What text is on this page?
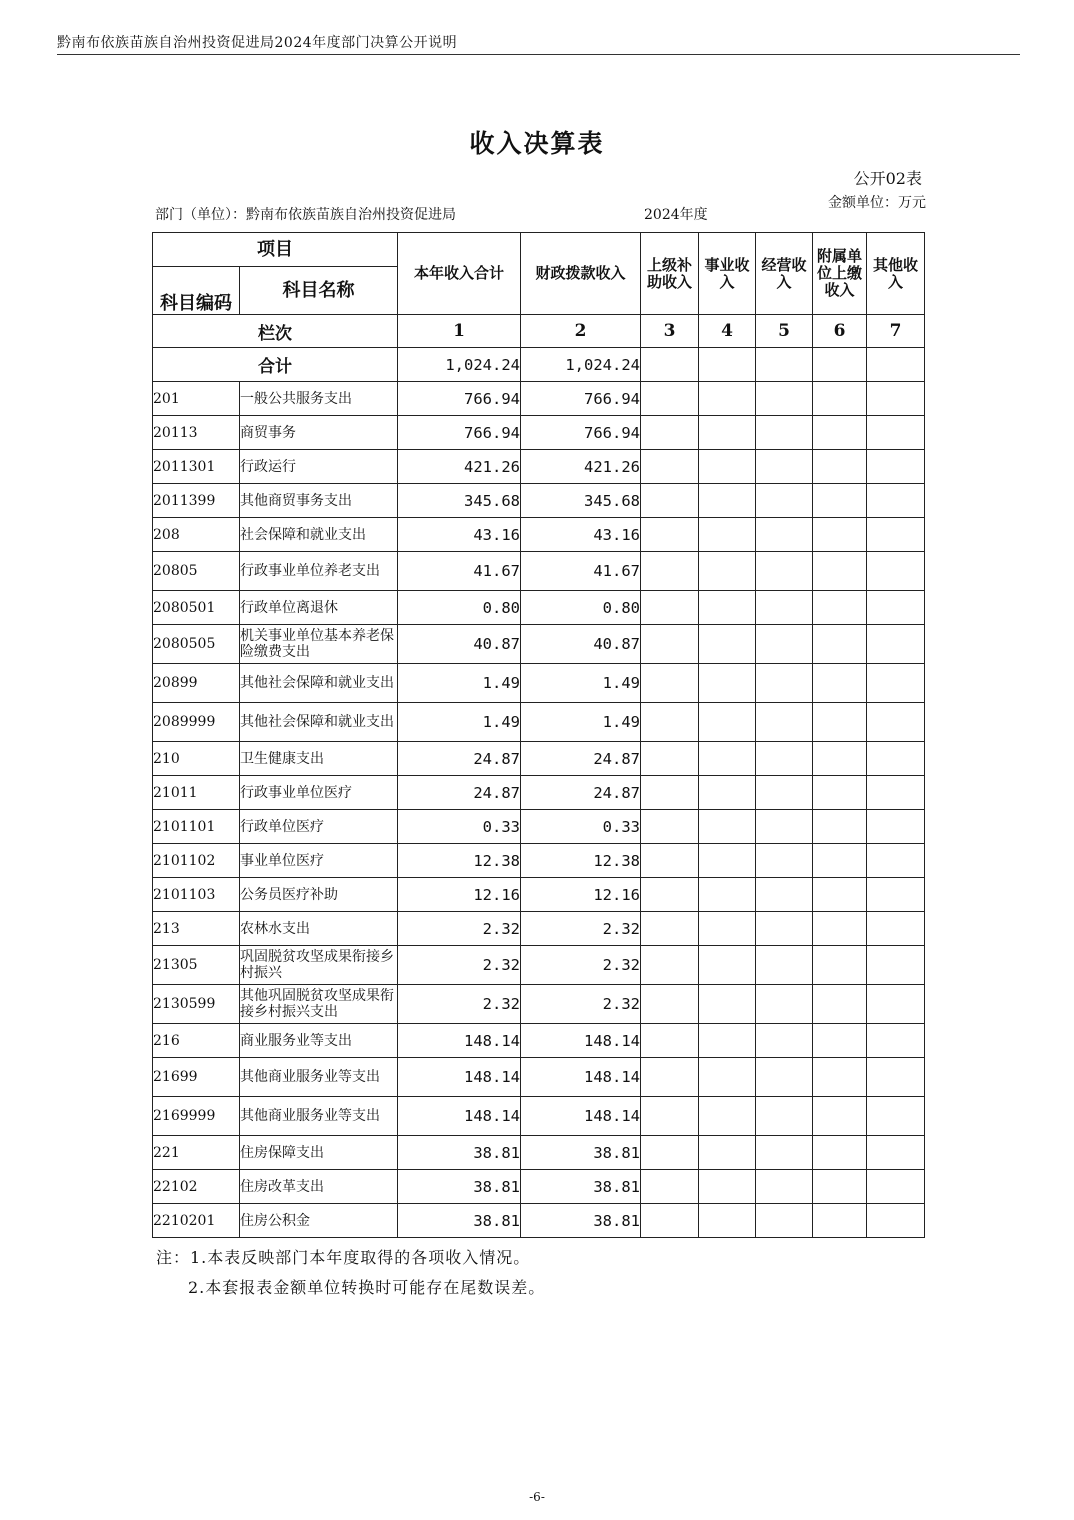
黔南布依族苗族自治州投资促进局2024年度部门决算公开说明
收入决算表
公开02表
金额单位：万元
部门（单位）：黔南布依族苗族自治州投资促进局	2024年度
项目		本年收入合计	财政拨款收入	上级补助收入	事业收入	经营收入	附属单位上缴收入	其他收入
科目编码	科目名称							
栏次		1	2	3	4	5	6	7
合计		1,024.24	1,024.24					
201	一般公共服务支出	766.94	766.94					
20113	商贸事务	766.94	766.94					
2011301	行政运行	421.26	421.26					
2011399	其他商贸事务支出	345.68	345.68					
208	社会保障和就业支出	43.16	43.16					
20805	行政事业单位养老支出	41.67	41.67					
2080501	行政单位离退休	0.80	0.80					
2080505	机关事业单位基本养老保险缴费支出	40.87	40.87					
20899	其他社会保障和就业支出	1.49	1.49					
2089999	其他社会保障和就业支出	1.49	1.49					
210	卫生健康支出	24.87	24.87					
21011	行政事业单位医疗	24.87	24.87					
2101101	行政单位医疗	0.33	0.33					
2101102	事业单位医疗	12.38	12.38					
2101103	公务员医疗补助	12.16	12.16					
213	农林水支出	2.32	2.32					
21305	巩固脱贫攻坚成果衔接乡村振兴	2.32	2.32					
2130599	其他巩固脱贫攻坚成果衔接乡村振兴支出	2.32	2.32					
216	商业服务业等支出	148.14	148.14					
21699	其他商业服务业等支出	148.14	148.14					
2169999	其他商业服务业等支出	148.14	148.14					
221	住房保障支出	38.81	38.81					
22102	住房改革支出	38.81	38.81					
2210201	住房公积金	38.81	38.81					
注：1.本表反映部门本年度取得的各项收入情况。
2.本套报表金额单位转换时可能存在尾数误差。
-6-
